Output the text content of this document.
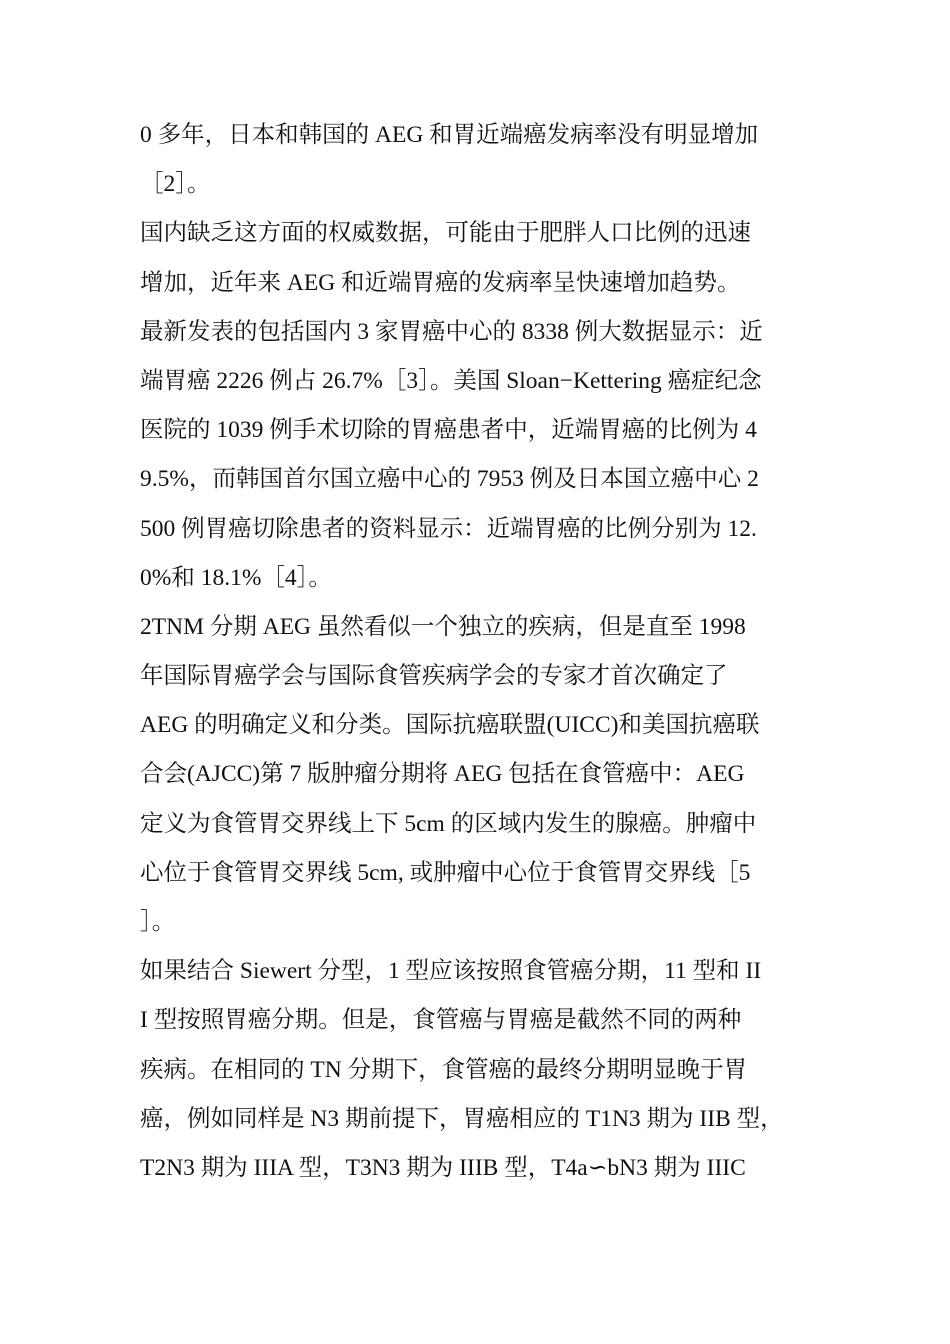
0 多年，日本和韩国的 AEG 和胃近端癌发病率没有明显增加
［2］。
国内缺乏这方面的权威数据，可能由于肥胖人口比例的迅速
增加，近年来 AEG 和近端胃癌的发病率呈快速增加趋势。
最新发表的包括国内 3 家胃癌中心的 8338 例大数据显示：近
端胃癌 2226 例占 26.7%［3］。美国 Sloan−Kettering 癌症纪念
医院的 1039 例手术切除的胃癌患者中，近端胃癌的比例为 4
9.5%，而韩国首尔国立癌中心的 7953 例及日本国立癌中心 2
500 例胃癌切除患者的资料显示：近端胃癌的比例分别为 12.
0%和 18.1%［4］。
2TNM 分期 AEG 虽然看似一个独立的疾病，但是直至 1998
年国际胃癌学会与国际食管疾病学会的专家才首次确定了
AEG 的明确定义和分类。国际抗癌联盟(UICC)和美国抗癌联
合会(AJCC)第 7 版肿瘤分期将 AEG 包括在食管癌中：AEG
定义为食管胃交界线上下 5cm 的区域内发生的腺癌。肿瘤中
心位于食管胃交界线 5cm, 或肿瘤中心位于食管胃交界线［5
］。
如果结合 Siewert 分型，1 型应该按照食管癌分期，11 型和 II
I 型按照胃癌分期。但是，食管癌与胃癌是截然不同的两种
疾病。在相同的 TN 分期下，食管癌的最终分期明显晚于胃
癌，例如同样是 N3 期前提下，胃癌相应的 T1N3 期为 IIB 型，
T2N3 期为 IIIA 型，T3N3 期为 IIIB 型，T4a∽bN3 期为 IIIC
